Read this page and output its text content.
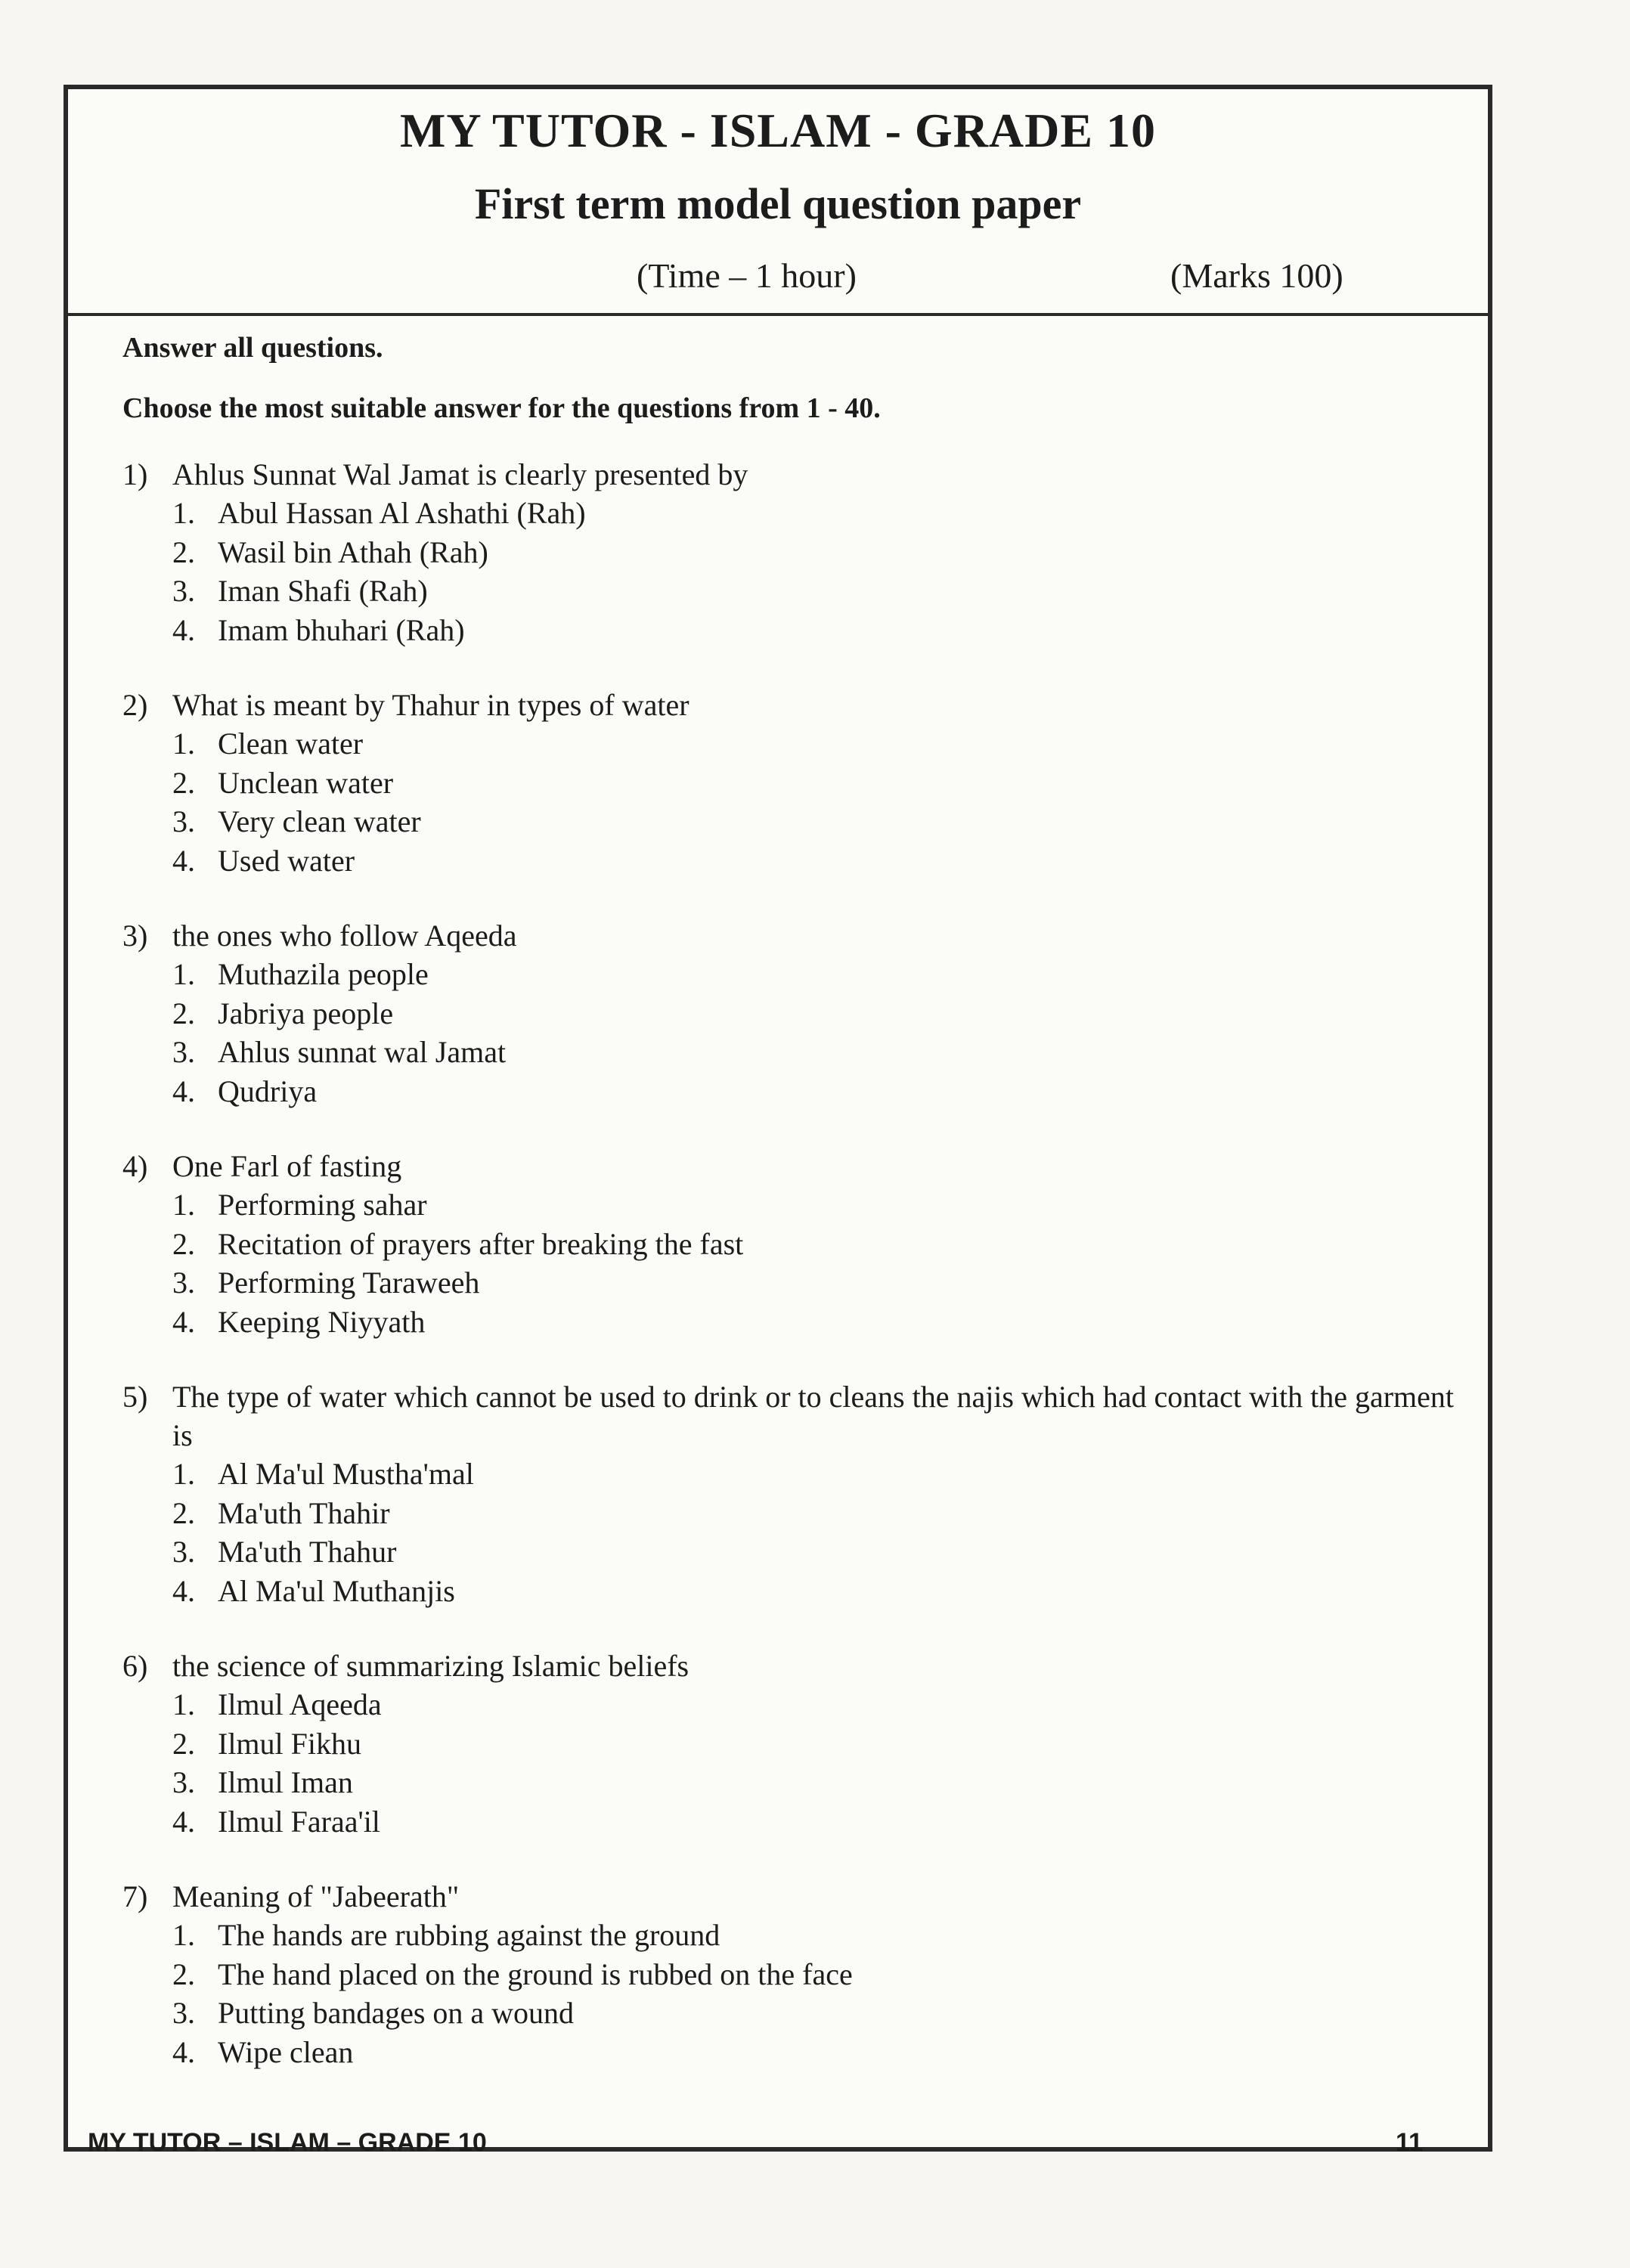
MY TUTOR - ISLAM - GRADE 10
First term model question paper
(Time – 1 hour)	(Marks 100)
Answer all questions.
Choose the most suitable answer for the questions from 1 - 40.
1) Ahlus Sunnat Wal Jamat is clearly presented by
1. Abul Hassan Al Ashathi (Rah)
2. Wasil bin Athah (Rah)
3. Iman Shafi (Rah)
4. Imam bhuhari (Rah)
2) What is meant by Thahur in types of water
1. Clean water
2. Unclean water
3. Very clean water
4. Used water
3) the ones who follow Aqeeda
1. Muthazila people
2. Jabriya people
3. Ahlus sunnat wal Jamat
4. Qudriya
4) One Farl of fasting
1. Performing sahar
2. Recitation of prayers after breaking the fast
3. Performing Taraweeh
4. Keeping Niyyath
5) The type of water which cannot be used to drink or to cleans the najis which had contact with the garment is
1. Al Ma'ul Mustha'mal
2. Ma'uth Thahir
3. Ma'uth Thahur
4. Al Ma'ul Muthanjis
6) the science of summarizing Islamic beliefs
1. Ilmul Aqeeda
2. Ilmul Fikhu
3. Ilmul Iman
4. Ilmul Faraa'il
7) Meaning of "Jabeerath"
1. The hands are rubbing against the ground
2. The hand placed on the ground is rubbed on the face
3. Putting bandages on a wound
4. Wipe clean
MY TUTOR – ISLAM – GRADE 10	11
